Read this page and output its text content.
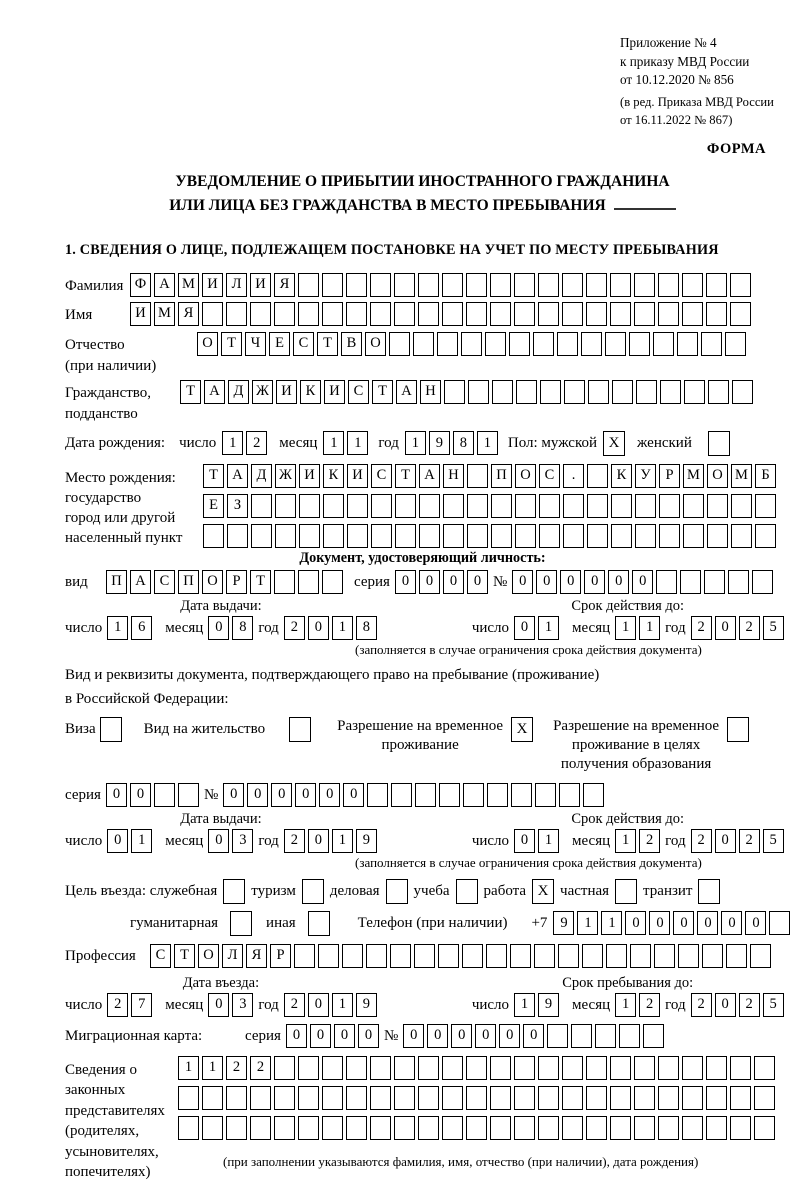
Приложение № 4
к приказу МВД России
от 10.12.2020 № 856
(в ред. Приказа МВД России
от 16.11.2022 № 867)
ФОРМА
УВЕДОМЛЕНИЕ О ПРИБЫТИИ ИНОСТРАННОГО ГРАЖДАНИНА
ИЛИ ЛИЦА БЕЗ ГРАЖДАНСТВА В МЕСТО ПРЕБЫВАНИЯ
1. СВЕДЕНИЯ О ЛИЦЕ, ПОДЛЕЖАЩЕМ ПОСТАНОВКЕ НА УЧЕТ ПО МЕСТУ ПРЕБЫВАНИЯ
Фамилия Ф А М И Л И Я
Имя	И М Я
Отчество
(при наличии)
О Т	Ч	Е	С	Т	В О
Гражданство,
подданство
Т А Д Ж И К И С	Т А Н
Дата рождения: число 1	2	месяц 1	1	год 1	9	8	1	Пол: мужской X	женский
Место рождения:
государство
город или другой
населенный пункт
Т А Д Ж И К И С	Т А Н	П О С	.	К У	Р М О М Б
Е	З
Документ, удостоверяющий личность:
вид	П А С П О	Р	Т	серия 0	0	0	0 № 0	0	0	0	0	0
Дата выдачи:
число 1	6	месяц 0	8 год 2	0	1	8
Срок действия до:
число 0	1	месяц 1	1 год 2	0	2	5
(заполняется в случае ограничения срока действия документа)
Вид и реквизиты документа, подтверждающего право на пребывание (проживание)
в Российской Федерации:
Виза	Вид на жительство	Разрешение на временное
проживание
X	Разрешение на временное
проживание в целях
получения образования
серия 0	0	№ 0	0	0	0	0	0
Дата выдачи:
число 0	1	месяц 0	3 год 2	0	1	9
Срок действия до:
число 0	1	месяц 1	2 год 2	0	2	5
(заполняется в случае ограничения срока действия документа)
Цель въезда: служебная туризм деловая учеба работа X частная транзит
гуманитарная	иная	Телефон (при наличии) +7 9	1	1	0	0	0	0	0	0
Профессия	С	Т О Л Я	Р
Дата въезда:
число 2	7	месяц 0	3 год 2	0	1	9
Срок пребывания до:
число 1	9	месяц 1	2 год 2	0	2	5
Миграционная карта:	серия 0	0	0	0 № 0	0	0	0	0	0
Сведения о
законных
представителях
(родителях,
усыновителях,
попечителях)
1	1	2	2
(при заполнении указываются фамилия, имя, отчество (при наличии), дата рождения)
